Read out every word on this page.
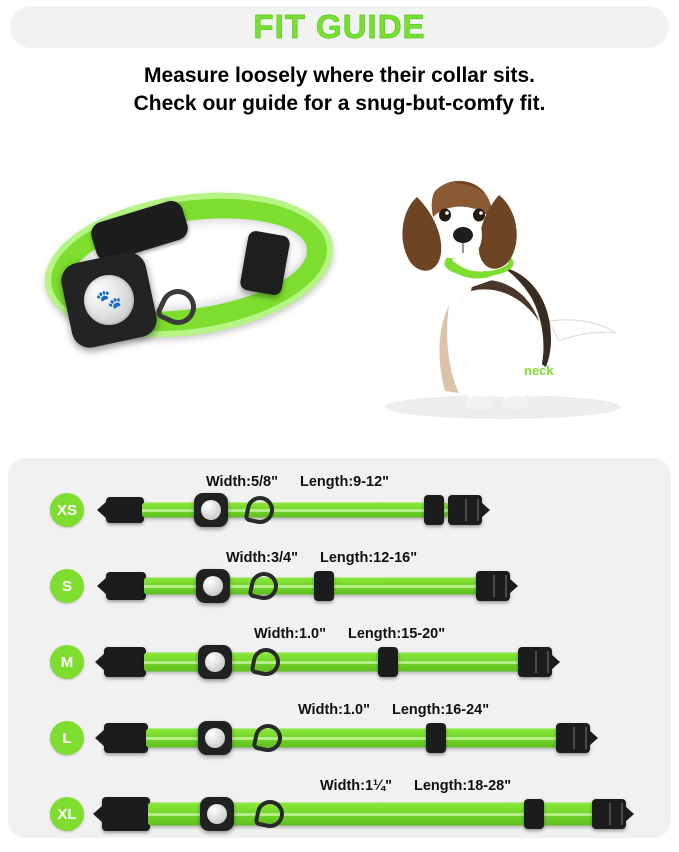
FIT GUIDE
Measure loosely where their collar sits.
Check our guide for a snug-but-comfy fit.
🐾
neck
XS
Width:5/8" Length:9-12"
S
Width:3/4" Length:12-16"
M
Width:1.0" Length:15-20"
L
Width:1.0" Length:16-24"
XL
Width:1¼" Length:18-28"
